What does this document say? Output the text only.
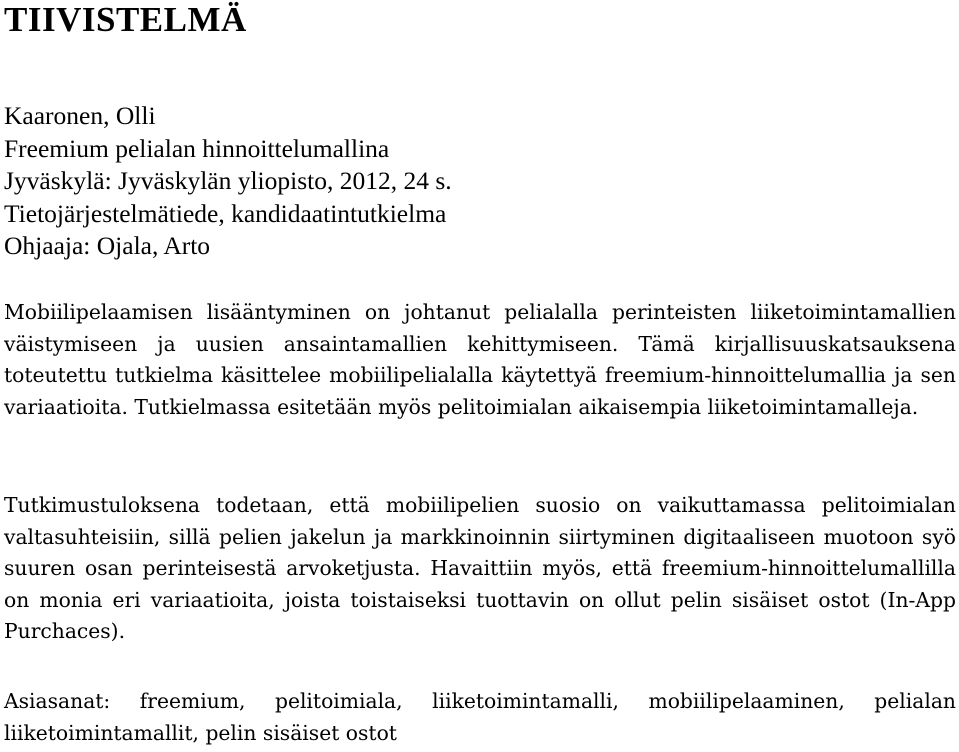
TIIVISTELMÄ
Kaaronen, Olli
Freemium pelialan hinnoittelumallina
Jyväskylä: Jyväskylän yliopisto, 2012, 24 s.
Tietojärjestelmätiede, kandidaatintutkielma
Ohjaaja: Ojala, Arto

Mobiilipelaamisen lisääntyminen on johtanut pelialalla perinteisten liiketoimintamallien väistymiseen ja uusien ansaintamallien kehittymiseen. Tämä kirjallisuuskatsauksena toteutettu tutkielma käsittelee mobiilipelialalla käytettyä freemium-hinnoittelumallia ja sen variaatioita. Tutkielmassa esitetään myös pelitoimialan aikaisempia liiketoimintamalleja.

Tutkimustuloksena todetaan, että mobiilipelien suosio on vaikuttamassa pelitoimialan valtasuhteisiin, sillä pelien jakelun ja markkinoinnin siirtyminen digitaaliseen muotoon syö suuren osan perinteisestä arvoketjusta. Havaittiin myös, että freemium-hinnoittelumallilla on monia eri variaatioita, joista toistaiseksi tuottavin on ollut pelin sisäiset ostot (In-App Purchaces).

Asiasanat: freemium, pelitoimiala, liiketoimintamalli, mobiilipelaaminen, pelialan liiketoimintamallit, pelin sisäiset ostot
